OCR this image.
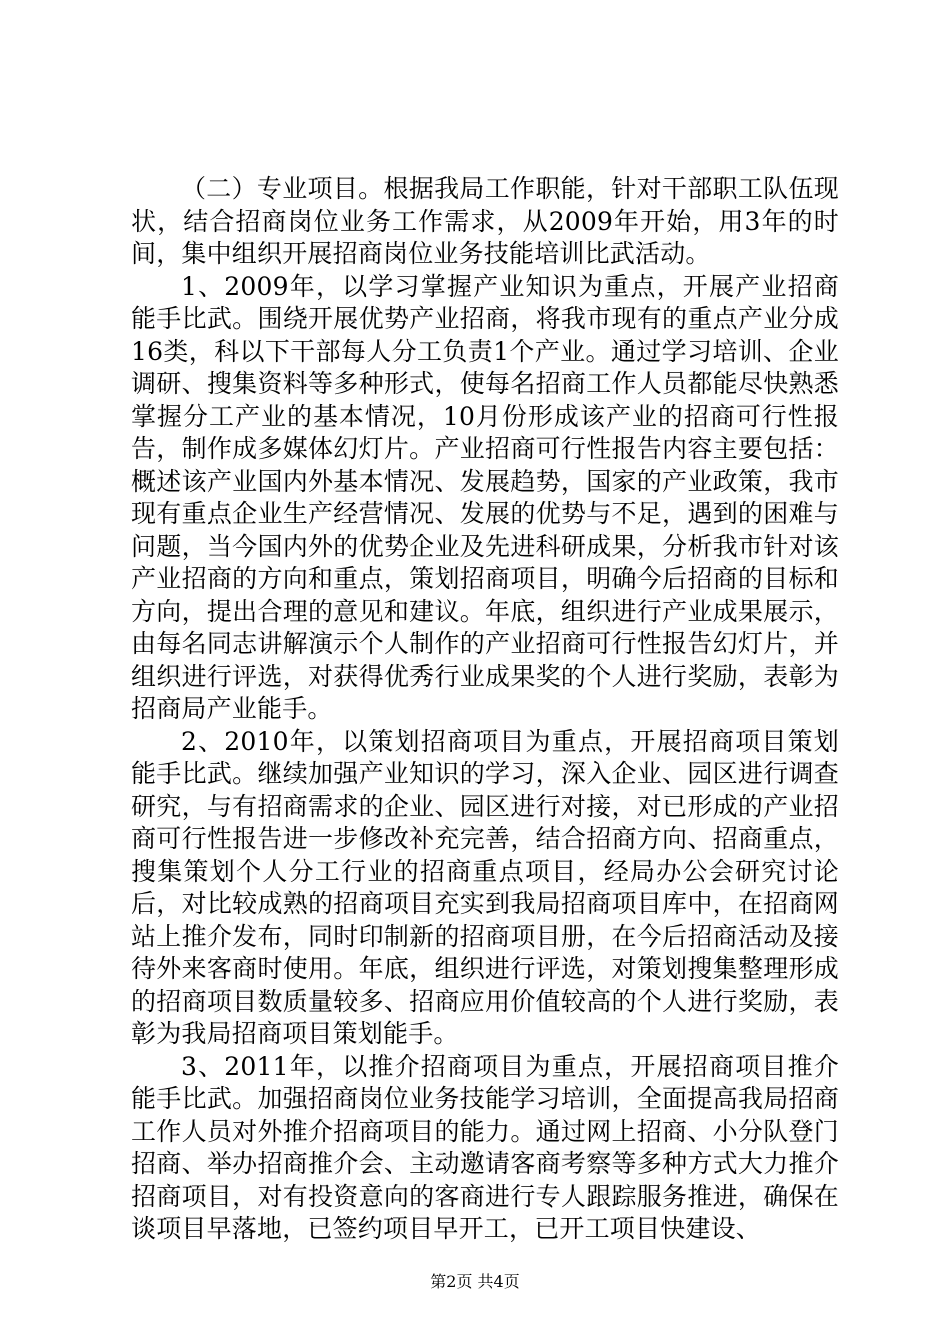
（二）专业项目。根据我局工作职能，针对干部职工队伍现状，结合招商岗位业务工作需求，从2009年开始，用3年的时间，集中组织开展招商岗位业务技能培训比武活动。

1、2009年，以学习掌握产业知识为重点，开展产业招商能手比武。围绕开展优势产业招商，将我市现有的重点产业分成16类，科以下干部每人分工负责1个产业。通过学习培训、企业调研、搜集资料等多种形式，使每名招商工作人员都能尽快熟悉掌握分工产业的基本情况，10月份形成该产业的招商可行性报告，制作成多媒体幻灯片。产业招商可行性报告内容主要包括：概述该产业国内外基本情况、发展趋势，国家的产业政策，我市现有重点企业生产经营情况、发展的优势与不足，遇到的困难与问题，当今国内外的优势企业及先进科研成果，分析我市针对该产业招商的方向和重点，策划招商项目，明确今后招商的目标和方向，提出合理的意见和建议。年底，组织进行产业成果展示，由每名同志讲解演示个人制作的产业招商可行性报告幻灯片，并组织进行评选，对获得优秀行业成果奖的个人进行奖励，表彰为招商局产业能手。

2、2010年，以策划招商项目为重点，开展招商项目策划能手比武。继续加强产业知识的学习，深入企业、园区进行调查研究，与有招商需求的企业、园区进行对接，对已形成的产业招商可行性报告进一步修改补充完善，结合招商方向、招商重点，搜集策划个人分工行业的招商重点项目，经局办公会研究讨论后，对比较成熟的招商项目充实到我局招商项目库中，在招商网站上推介发布，同时印制新的招商项目册，在今后招商活动及接待外来客商时使用。年底，组织进行评选，对策划搜集整理形成的招商项目数质量较多、招商应用价值较高的个人进行奖励，表彰为我局招商项目策划能手。

3、2011年，以推介招商项目为重点，开展招商项目推介能手比武。加强招商岗位业务技能学习培训，全面提高我局招商工作人员对外推介招商项目的能力。通过网上招商、小分队登门招商、举办招商推介会、主动邀请客商考察等多种方式大力推介招商项目，对有投资意向的客商进行专人跟踪服务推进，确保在谈项目早落地，已签约项目早开工，已开工项目快建设、

第2页 共4页
